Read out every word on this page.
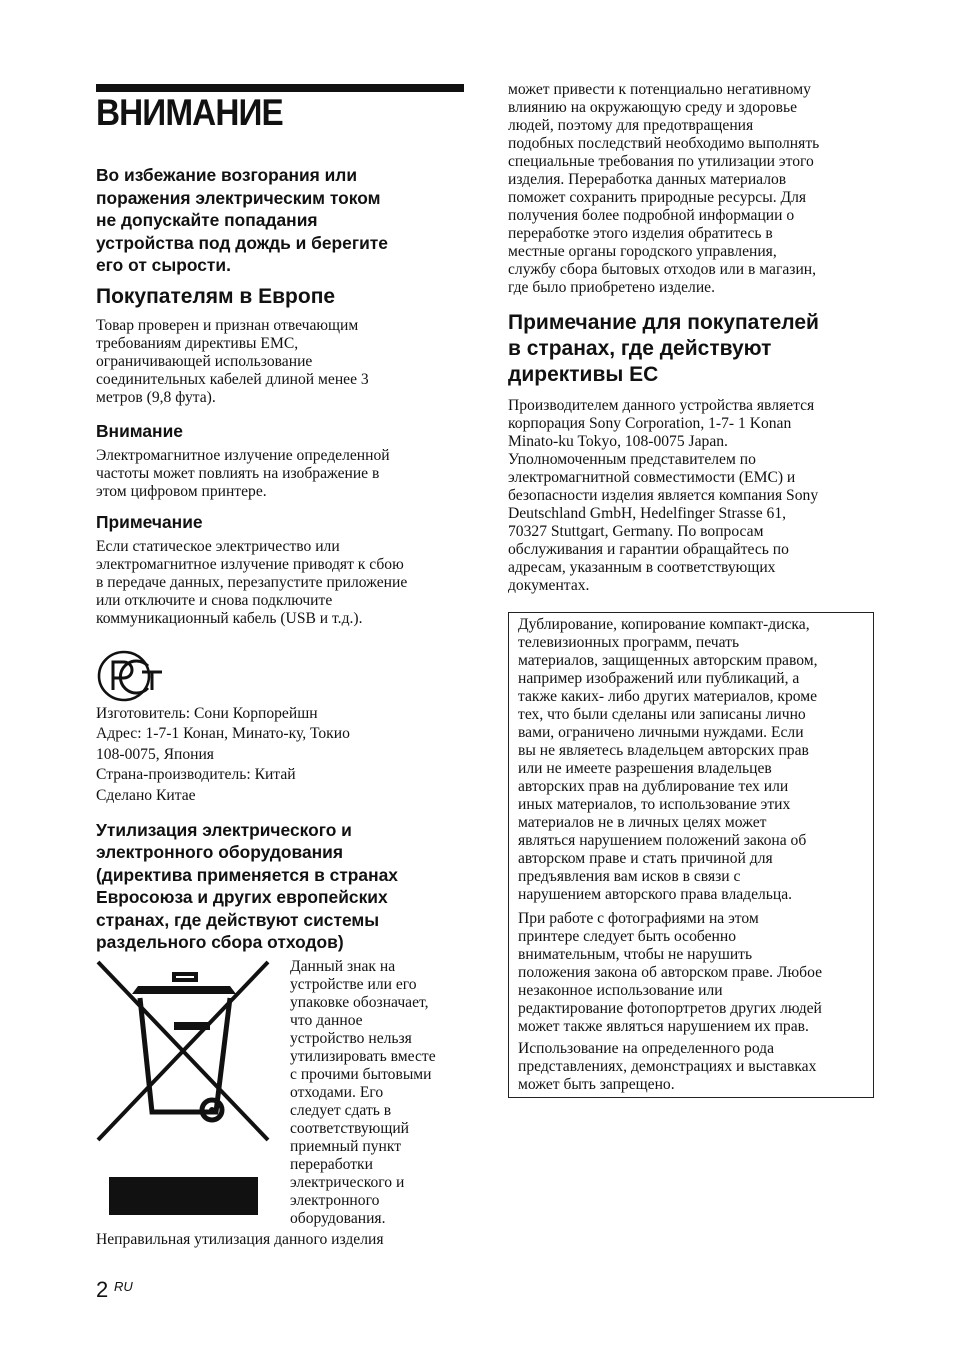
ВНИМАНИЕ

Во избежание возгорания или
поражения электрическим током
не допускайте попадания
устройства под дождь и берегите
его от сырости.

Покупателям в Европе

Товар проверен и признан отвечающим
требованиям директивы EMC,
ограничивающей использование
соединительных кабелей длиной менее 3
метров (9,8 фута).

Внимание

Электромагнитное излучение определенной
частоты может повлиять на изображение в
этом цифровом принтере.

Примечание

Если статическое электричество или
электромагнитное излучение приводят к сбою
в передаче данных, перезапустите приложение
или отключите и снова подключите
коммуникационный кабель (USB и т.д.).

Изготовитель: Сони Корпорейшн
Адрес: 1-7-1 Конан, Минато-ку, Токио
108-0075, Япония
Страна-производитель: Китай
Сделано Китае

Утилизация электрического и
электронного оборудования
(директива применяется в странах
Евросоюза и других европейских
странах, где действуют системы
раздельного сбора отходов)

Данный знак на
устройстве или его
упаковке обозначает,
что данное
устройство нельзя
утилизировать вместе
с прочими бытовыми
отходами. Его
следует сдать в
соответствующий
приемный пункт
переработки
электрического и
электронного
оборудования.

Неправильная утилизация данного изделия

может привести к потенциально негативному
влиянию на окружающую среду и здоровье
людей, поэтому для предотвращения
подобных последствий необходимо выполнять
специальные требования по утилизации этого
изделия. Переработка данных материалов
поможет сохранить природные ресурсы. Для
получения более подробной информации о
переработке этого изделия обратитесь в
местные органы городского управления,
службу сбора бытовых отходов или в магазин,
где было приобретено изделие.

Примечание для покупателей
в странах, где действуют
директивы ЕС

Производителем данного устройства является
корпорация Sony Corporation, 1-7- 1 Konan
Minato-ku Tokyo, 108-0075 Japan.
Уполномоченным представителем по
электромагнитной совместимости (EMC) и
безопасности изделия является компания Sony
Deutschland GmbH, Hedelfinger Strasse 61,
70327 Stuttgart, Germany. По вопросам
обслуживания и гарантии обращайтесь по
адресам, указанным в соответствующих
документах.

Дублирование, копирование компакт-диска,
телевизионных программ, печать
материалов, защищенных авторским правом,
например изображений или публикаций, а
также каких- либо других материалов, кроме
тех, что были сделаны или записаны лично
вами, ограничено личными нуждами. Если
вы не являетесь владельцем авторских прав
или не имеете разрешения владельцев
авторских прав на дублирование тех или
иных материалов, то использование этих
материалов не в личных целях может
являться нарушением положений закона об
авторском праве и стать причиной для
предъявления вам исков в связи с
нарушением авторского права владельца.

При работе с фотографиями на этом
принтере следует быть особенно
внимательным, чтобы не нарушить
положения закона об авторском праве. Любое
незаконное использование или
редактирование фотопортретов других людей
может также являться нарушением их прав.

Использование на определенного рода
представлениях, демонстрациях и выставках
может быть запрещено.

2 RU
